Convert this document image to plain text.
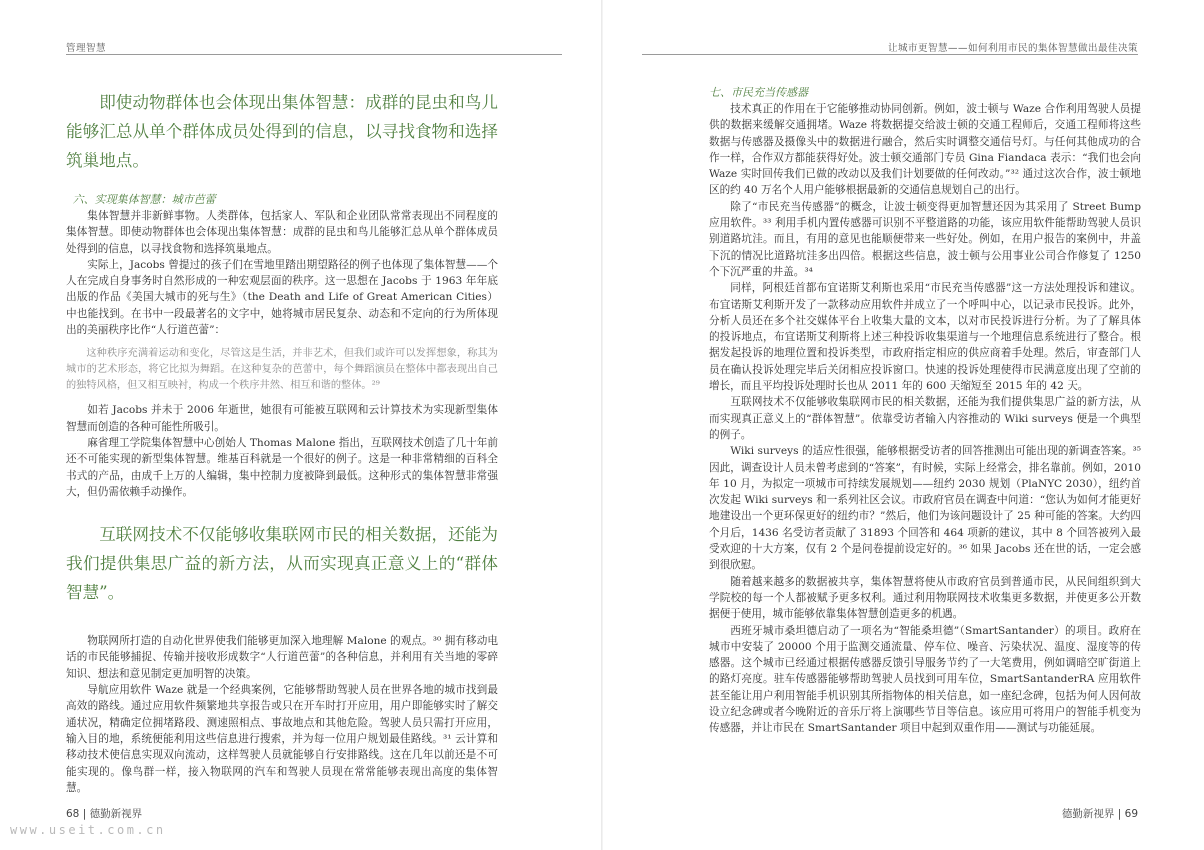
管理智慧
即使动物群体也会体现出集体智慧：成群的昆虫和鸟儿能够汇总从单个群体成员处得到的信息，以寻找食物和选择筑巢地点。
六、实现集体智慧：城市芭蕾

集体智慧并非新鲜事物。人类群体，包括家人、军队和企业团队常常表现出不同程度的集体智慧。即使动物群体也会体现出集体智慧：成群的昆虫和鸟儿能够汇总从单个群体成员处得到的信息，以寻找食物和选择筑巢地点。

实际上，Jacobs 曾提过的孩子们在雪地里踏出期望路径的例子也体现了集体智慧——个人在完成自身事务时自然形成的一种宏观层面的秩序。这一思想在 Jacobs 于 1963 年年底出版的作品《美国大城市的死与生》（the Death and Life of Great American Cities）中也能找到。在书中一段最著名的文字中，她将城市居民复杂、动态和不定向的行为所体现出的美丽秩序比作“人行道芭蕾”：

这种秩序充满着运动和变化，尽管这是生活，并非艺术，但我们或许可以发挥想象，称其为城市的艺术形态，将它比拟为舞蹈。在这种复杂的芭蕾中，每个舞蹈演员在整体中都表现出自己的独特风格，但又相互映衬，构成一个秩序井然、相互和谐的整体。²⁹

如若 Jacobs 并未于 2006 年逝世，她很有可能被互联网和云计算技术为实现新型集体智慧而创造的各种可能性所吸引。

麻省理工学院集体智慧中心创始人 Thomas Malone 指出，互联网技术创造了几十年前还不可能实现的新型集体智慧。维基百科就是一个很好的例子。这是一种非常精细的百科全书式的产品，由成千上万的人编辑，集中控制力度被降到最低。这种形式的集体智慧非常强大，但仍需依赖手动操作。

互联网技术不仅能够收集联网市民的相关数据，还能为我们提供集思广益的新方法，从而实现真正意义上的“群体智慧”。

物联网所打造的自动化世界使我们能够更加深入地理解 Malone 的观点。³⁰ 拥有移动电话的市民能够捕捉、传输并接收形成数字“人行道芭蕾”的各种信息，并利用有关当地的零碎知识、想法和意见制定更加明智的决策。

导航应用软件 Waze 就是一个经典案例，它能够帮助驾驶人员在世界各地的城市找到最高效的路线。通过应用软件频繁地共享报告或只在开车时打开应用，用户即能够实时了解交通状况，精确定位拥堵路段、测速照相点、事故地点和其他危险。驾驶人员只需打开应用，输入目的地，系统便能利用这些信息进行搜索，并为每一位用户规划最佳路线。³¹ 云计算和移动技术使信息实现双向流动，这样驾驶人员就能够自行安排路线。这在几年以前还是不可能实现的。像鸟群一样，接入物联网的汽车和驾驶人员现在常常能够表现出高度的集体智慧。

68 | 德勤新视界
让城市更智慧——如何利用市民的集体智慧做出最佳决策
七、市民充当传感器

技术真正的作用在于它能够推动协同创新。例如，波士顿与 Waze 合作利用驾驶人员提供的数据来缓解交通拥堵。Waze 将数据提交给波士顿的交通工程师后，交通工程师将这些数据与传感器及摄像头中的数据进行融合，然后实时调整交通信号灯。与任何其他成功的合作一样，合作双方都能获得好处。波士顿交通部门专员 Gina Fiandaca 表示：“我们也会向 Waze 实时回传我们已做的改动以及我们计划要做的任何改动。”³² 通过这次合作，波士顿地区的约 40 万名个人用户能够根据最新的交通信息规划自己的出行。

除了“市民充当传感器”的概念，让波士顿变得更加智慧还因为其采用了 Street Bump 应用软件。³³ 利用手机内置传感器可识别不平整道路的功能，该应用软件能帮助驾驶人员识别道路坑洼。而且，有用的意见也能顺便带来一些好处。例如，在用户报告的案例中，井盖下沉的情况比道路坑洼多出四倍。根据这些信息，波士顿与公用事业公司合作修复了 1250 个下沉严重的井盖。³⁴

同样，阿根廷首都布宜诺斯艾利斯也采用“市民充当传感器”这一方法处理投诉和建议。布宜诺斯艾利斯开发了一款移动应用软件并成立了一个呼叫中心，以记录市民投诉。此外，分析人员还在多个社交媒体平台上收集大量的文本，以对市民投诉进行分析。为了了解具体的投诉地点，布宜诺斯艾利斯将上述三种投诉收集渠道与一个地理信息系统进行了整合。根据发起投诉的地理位置和投诉类型，市政府指定相应的供应商着手处理。然后，审查部门人员在确认投诉处理完毕后关闭相应投诉窗口。快速的投诉处理使得市民满意度出现了空前的增长，而且平均投诉处理时长也从 2011 年的 600 天缩短至 2015 年的 42 天。

互联网技术不仅能够收集联网市民的相关数据，还能为我们提供集思广益的新方法，从而实现真正意义上的“群体智慧”。依靠受访者输入内容推动的 Wiki surveys 便是一个典型的例子。

Wiki surveys 的适应性很强，能够根据受访者的回答推测出可能出现的新调查答案。³⁵ 因此，调查设计人员未曾考虑到的“答案”，有时候，实际上经常会，排名靠前。例如，2010 年 10 月，为拟定一项城市可持续发展规划——纽约 2030 规划（PlaNYC 2030），纽约首次发起 Wiki surveys 和一系列社区会议。市政府官员在调查中问道：“您认为如何才能更好地建设出一个更环保更好的纽约市？”然后，他们为该问题设计了 25 种可能的答案。大约四个月后，1436 名受访者贡献了 31893 个回答和 464 项新的建议，其中 8 个回答被列入最受欢迎的十大方案，仅有 2 个是问卷提前设定好的。³⁶ 如果 Jacobs 还在世的话，一定会感到很欣慰。

随着越来越多的数据被共享，集体智慧将使从市政府官员到普通市民，从民间组织到大学院校的每一个人都被赋予更多权利。通过利用物联网技术收集更多数据，并使更多公开数据便于使用，城市能够依靠集体智慧创造更多的机遇。

西班牙城市桑坦德启动了一项名为“智能桑坦德”（SmartSantander）的项目。政府在城市中安装了 20000 个用于监测交通流量、停车位、噪音、污染状况、温度、湿度等的传感器。这个城市已经通过根据传感器反馈引导服务节约了一大笔费用，例如调暗空旷街道上的路灯亮度。驻车传感器能够帮助驾驶人员找到可用车位，SmartSantanderRA 应用软件甚至能让用户利用智能手机识别其所指物体的相关信息，如一座纪念碑，包括为何人因何故设立纪念碑或者今晚附近的音乐厅将上演哪些节目等信息。该应用可将用户的智能手机变为传感器，并让市民在 SmartSantander 项目中起到双重作用——测试与功能延展。

德勤新视界 | 69
www.useit.com.cn
